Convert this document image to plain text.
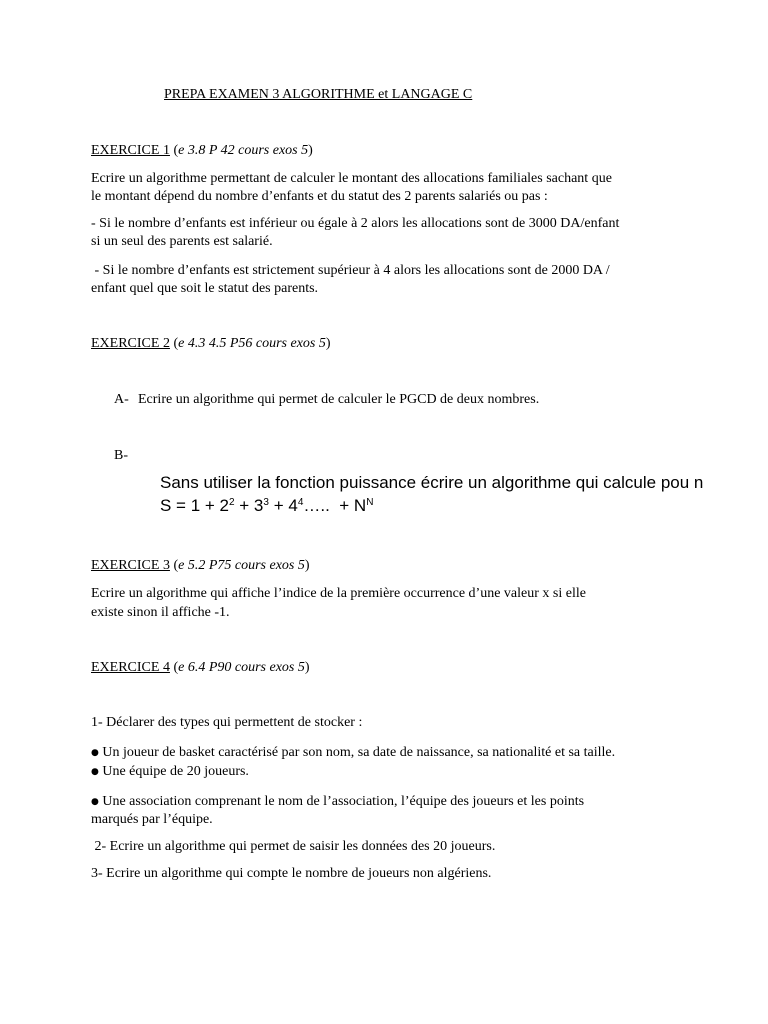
PREPA EXAMEN 3 ALGORITHME et LANGAGE C
EXERCICE 1 (e 3.8 P 42 cours exos 5)
Ecrire un algorithme permettant de calculer le montant des allocations familiales sachant que
le montant dépend du nombre d’enfants et du statut des 2 parents salariés ou pas :
- Si le nombre d’enfants est inférieur ou égale à 2 alors les allocations sont de 3000 DA/enfant
si un seul des parents est salarié.
- Si le nombre d’enfants est strictement supérieur à 4 alors les allocations sont de 2000 DA /
enfant quel que soit le statut des parents.
EXERCICE 2 (e 4.3 4.5 P56 cours exos 5)
A- Ecrire un algorithme qui permet de calculer le PGCD de deux nombres.
B-
Sans utiliser la fonction puissance écrire un algorithme qui calcule pou n
$S = 1 + 2^2 + 3^3$ + $4^4\dots$..  + $N^N$
EXERCICE 3 (e 5.2 P75 cours exos 5)
Ecrire un algorithme qui affiche l’indice de la première occurrence d’une valeur x si elle
existe sinon il affiche -1.
EXERCICE 4 (e 6.4 P90 cours exos 5)
1- Déclarer des types qui permettent de stocker :
● Un joueur de basket caractérisé par son nom, sa date de naissance, sa nationalité et sa taille.
● Une équipe de 20 joueurs.
● Une association comprenant le nom de l’association, l’équipe des joueurs et les points
marqués par l’équipe.
2- Ecrire un algorithme qui permet de saisir les données des 20 joueurs.
3- Ecrire un algorithme qui compte le nombre de joueurs non algériens.
